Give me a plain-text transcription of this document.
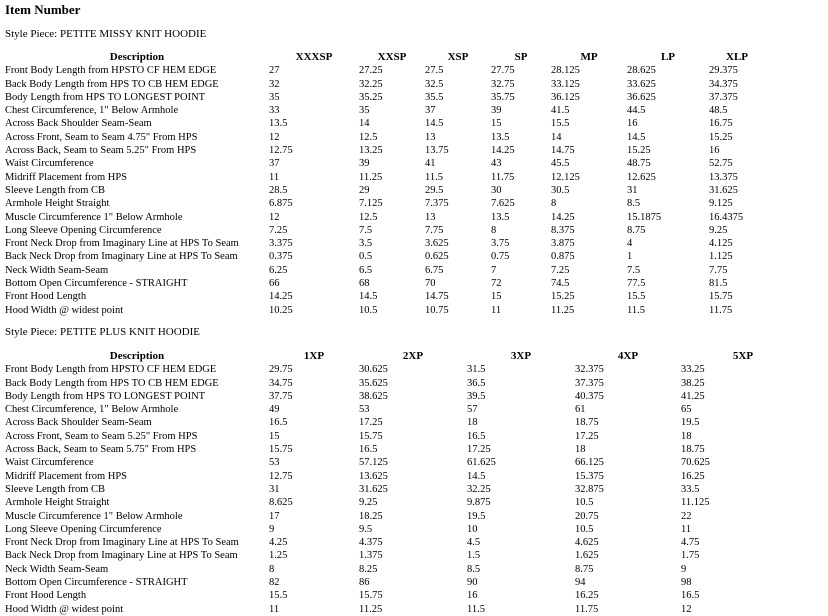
Item Number
Style Piece: PETITE MISSY KNIT HOODIE
Description	XXXSP	XXSP	XSP	SP	MP	LP	XLP
Front Body Length from HPSTO CF HEM EDGE	27	27.25	27.5	27.75	28.125	28.625	29.375
Back Body Length from HPS TO CB HEM EDGE	32	32.25	32.5	32.75	33.125	33.625	34.375
Body Length from HPS TO LONGEST POINT	35	35.25	35.5	35.75	36.125	36.625	37.375
Chest Circumference, 1" Below Armhole	33	35	37	39	41.5	44.5	48.5
Across Back Shoulder Seam-Seam	13.5	14	14.5	15	15.5	16	16.75
Across Front, Seam to Seam 4.75" From HPS	12	12.5	13	13.5	14	14.5	15.25
Across Back, Seam to Seam 5.25" From HPS	12.75	13.25	13.75	14.25	14.75	15.25	16
Waist Circumference	37	39	41	43	45.5	48.75	52.75
Midriff Placement from HPS	11	11.25	11.5	11.75	12.125	12.625	13.375
Sleeve Length from CB	28.5	29	29.5	30	30.5	31	31.625
Armhole Height Straight	6.875	7.125	7.375	7.625	8	8.5	9.125
Muscle Circumference 1" Below Armhole	12	12.5	13	13.5	14.25	15.1875	16.4375
Long Sleeve Opening Circumference	7.25	7.5	7.75	8	8.375	8.75	9.25
Front Neck Drop from Imaginary Line at HPS To Seam	3.375	3.5	3.625	3.75	3.875	4	4.125
Back Neck Drop from Imaginary Line at HPS To Seam	0.375	0.5	0.625	0.75	0.875	1	1.125
Neck Width Seam-Seam	6.25	6.5	6.75	7	7.25	7.5	7.75
Bottom Open Circumference - STRAIGHT	66	68	70	72	74.5	77.5	81.5
Front Hood Length	14.25	14.5	14.75	15	15.25	15.5	15.75
Hood Width @ widest point	10.25	10.5	10.75	11	11.25	11.5	11.75
Style Piece: PETITE PLUS KNIT HOODIE
Description	1XP	2XP	3XP	4XP	5XP
Front Body Length from HPSTO CF HEM EDGE	29.75	30.625	31.5	32.375	33.25
Back Body Length from HPS TO CB HEM EDGE	34.75	35.625	36.5	37.375	38.25
Body Length from HPS TO LONGEST POINT	37.75	38.625	39.5	40.375	41.25
Chest Circumference, 1" Below Armhole	49	53	57	61	65
Across Back Shoulder Seam-Seam	16.5	17.25	18	18.75	19.5
Across Front, Seam to Seam 5.25" From HPS	15	15.75	16.5	17.25	18
Across Back, Seam to Seam 5.75" From HPS	15.75	16.5	17.25	18	18.75
Waist Circumference	53	57.125	61.625	66.125	70.625
Midriff Placement from HPS	12.75	13.625	14.5	15.375	16.25
Sleeve Length from CB	31	31.625	32.25	32.875	33.5
Armhole Height Straight	8.625	9.25	9.875	10.5	11.125
Muscle Circumference 1" Below Armhole	17	18.25	19.5	20.75	22
Long Sleeve Opening Circumference	9	9.5	10	10.5	11
Front Neck Drop from Imaginary Line at HPS To Seam	4.25	4.375	4.5	4.625	4.75
Back Neck Drop from Imaginary Line at HPS To Seam	1.25	1.375	1.5	1.625	1.75
Neck Width Seam-Seam	8	8.25	8.5	8.75	9
Bottom Open Circumference - STRAIGHT	82	86	90	94	98
Front Hood Length	15.5	15.75	16	16.25	16.5
Hood Width @ widest point	11	11.25	11.5	11.75	12
